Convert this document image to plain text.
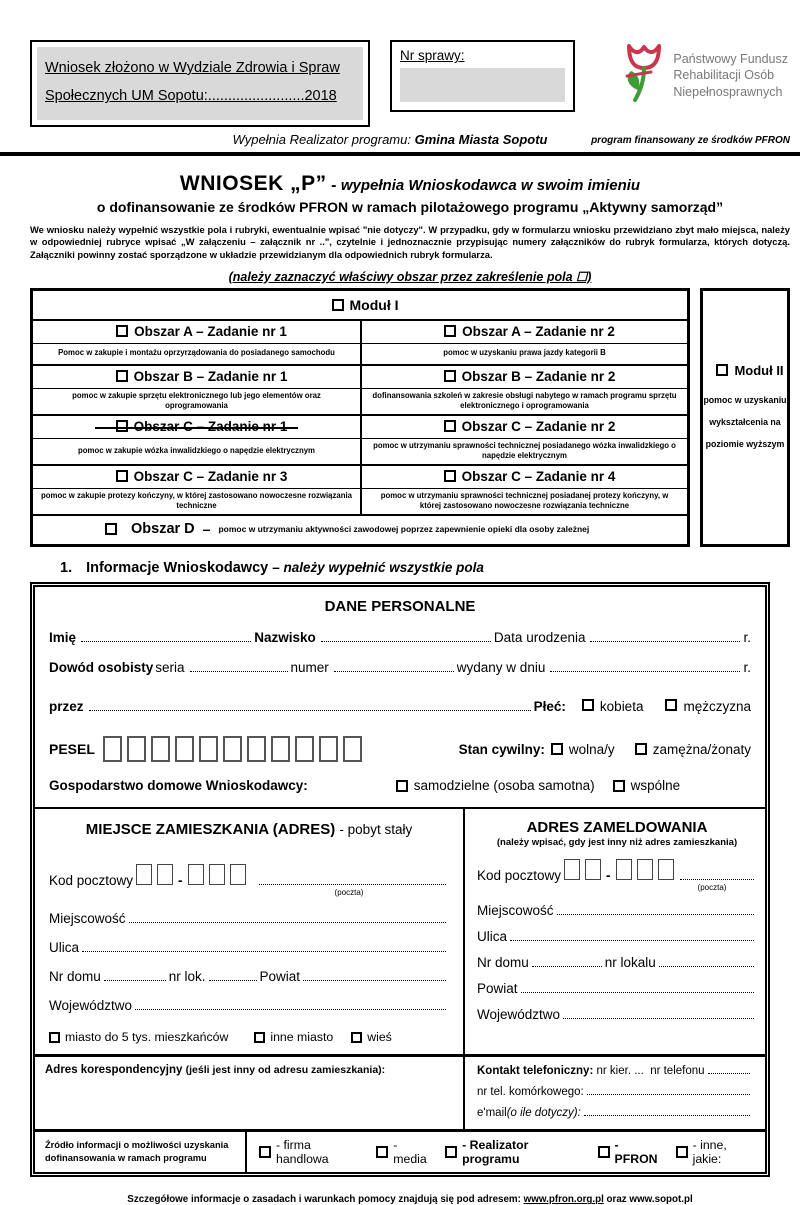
Wniosek złożono w Wydziale Zdrowia i Spraw
Społecznych UM Sopotu:........................2018
Nr sprawy:	Państwowy Fundusz
Rehabilitacji Osób
Niepełnosprawnych
Wypełnia Realizator programu: Gmina Miasta Sopotu	program finansowany ze środków PFRON
WNIOSEK „P” - wypełnia Wnioskodawca w swoim imieniu
o dofinansowanie ze środków PFRON w ramach pilotażowego programu „Aktywny samorząd”
We wniosku należy wypełnić wszystkie pola i rubryki, ewentualnie wpisać "nie dotyczy". W przypadku, gdy w formularzu wniosku przewidziano zbyt mało miejsca, należy w odpowiedniej rubryce wpisać „W załączeniu – załącznik nr ..", czytelnie i jednoznacznie przypisując numery załączników do rubryk formularza, których dotyczą. Załączniki powinny zostać sporządzone w układzie przewidzianym dla odpowiednich rubryk formularza.
(należy zaznaczyć właściwy obszar przez zakreślenie pola ☐)
Moduł I
Obszar A – Zadanie nr 1	Obszar A – Zadanie nr 2
Pomoc w zakupie i montażu oprzyrządowania do posiadanego samochodu	pomoc w uzyskaniu prawa jazdy kategorii B
Obszar B – Zadanie nr 1	Obszar B – Zadanie nr 2
pomoc w zakupie sprzętu elektronicznego lub jego elementów oraz oprogramowania
dofinansowania szkoleń w zakresie obsługi nabytego w ramach programu sprzętu elektronicznego i oprogramowania
Obszar C – Zadanie nr 1	Obszar C – Zadanie nr 2
pomoc w zakupie wózka inwalidzkiego o napędzie elektrycznym
pomoc w utrzymaniu sprawności technicznej posiadanego wózka inwalidzkiego o napędzie elektrycznym
Obszar C – Zadanie nr 3	Obszar C – Zadanie nr 4
pomoc w zakupie protezy kończyny, w której zastosowano nowoczesne rozwiązania techniczne
pomoc w utrzymaniu sprawności technicznej posiadanej protezy kończyny, w której zastosowano nowoczesne rozwiązania techniczne
Obszar D – pomoc w utrzymaniu aktywności zawodowej poprzez zapewnienie opieki dla osoby zależnej
Moduł II
pomoc w uzyskaniu wykształcenia na poziomie wyższym
1. Informacje Wnioskodawcy – należy wypełnić wszystkie pola
DANE PERSONALNE
Imię	Nazwisko	Data urodzenia	r.
Dowód osobisty seria	numer	wydany w dniu	r.
przez	Płeć:	kobieta	mężczyzna
PESEL	Stan cywilny: wolna/y	zamężna/żonaty
Gospodarstwo domowe Wnioskodawcy:	samodzielne (osoba samotna)	wspólne
MIEJSCE ZAMIESZKANIA (ADRES) - pobyt stały
Kod pocztowy	-
(poczta)
Miejscowość
Ulica
Nr domu	nr lok.	Powiat
Województwo
miasto do 5 tys. mieszkańców	inne miasto	wieś
ADRES ZAMELDOWANIA
(należy wpisać, gdy jest inny niż adres zamieszkania)
Kod pocztowy	-
(poczta)
Miejscowość
Ulica
Nr domu	nr lokalu
Powiat
Województwo
Adres korespondencyjny (jeśli jest inny od adresu zamieszkania):	Kontakt telefoniczny:
nr kier. ...
nr telefonu
nr tel. komórkowego:
e'mail (o ile dotyczy):
Źródło informacji o możliwości uzyskania dofinansowania w ramach programu
- firma handlowa
- media
- Realizator programu
- PFRON
- inne, jakie:
Szczegółowe informacje o zasadach i warunkach pomocy znajdują się pod adresem: www.pfron.org.pl oraz www.sopot.pl
